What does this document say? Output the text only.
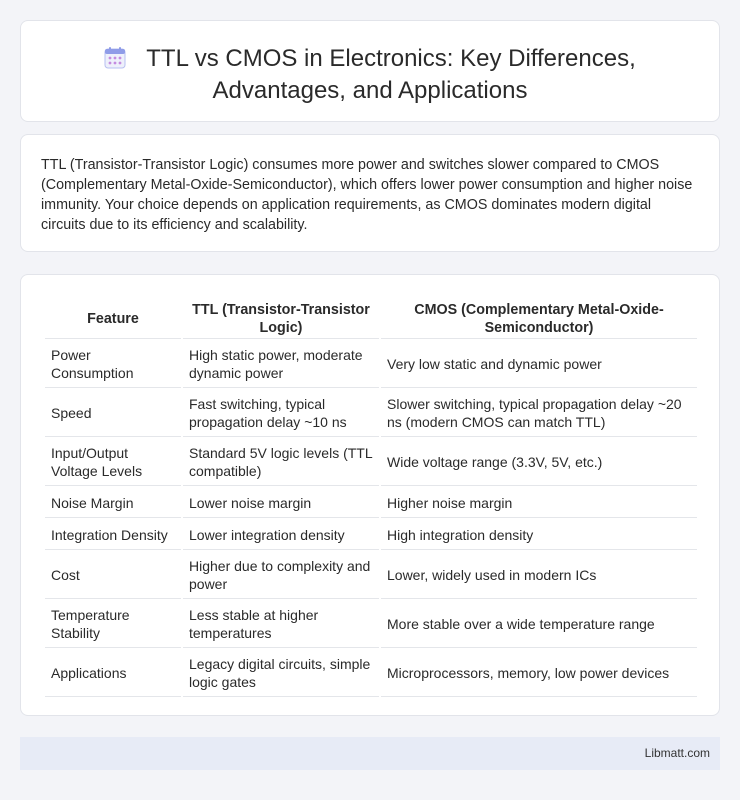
TTL vs CMOS in Electronics: Key Differences,
Advantages, and Applications

TTL (Transistor-Transistor Logic) consumes more power and switches slower compared to CMOS (Complementary Metal-Oxide-Semiconductor), which offers lower power consumption and higher noise immunity. Your choice depends on application requirements, as CMOS dominates modern digital circuits due to its efficiency and scalability.

Feature	TTL (Transistor-Transistor Logic)	CMOS (Complementary Metal-Oxide-Semiconductor)
Power Consumption	High static power, moderate dynamic power	Very low static and dynamic power
Speed	Fast switching, typical propagation delay ~10 ns	Slower switching, typical propagation delay ~20 ns (modern CMOS can match TTL)
Input/Output Voltage Levels	Standard 5V logic levels (TTL compatible)	Wide voltage range (3.3V, 5V, etc.)
Noise Margin	Lower noise margin	Higher noise margin
Integration Density	Lower integration density	High integration density
Cost	Higher due to complexity and power	Lower, widely used in modern ICs
Temperature Stability	Less stable at higher temperatures	More stable over a wide temperature range
Applications	Legacy digital circuits, simple logic gates	Microprocessors, memory, low power devices
Libmatt.com
